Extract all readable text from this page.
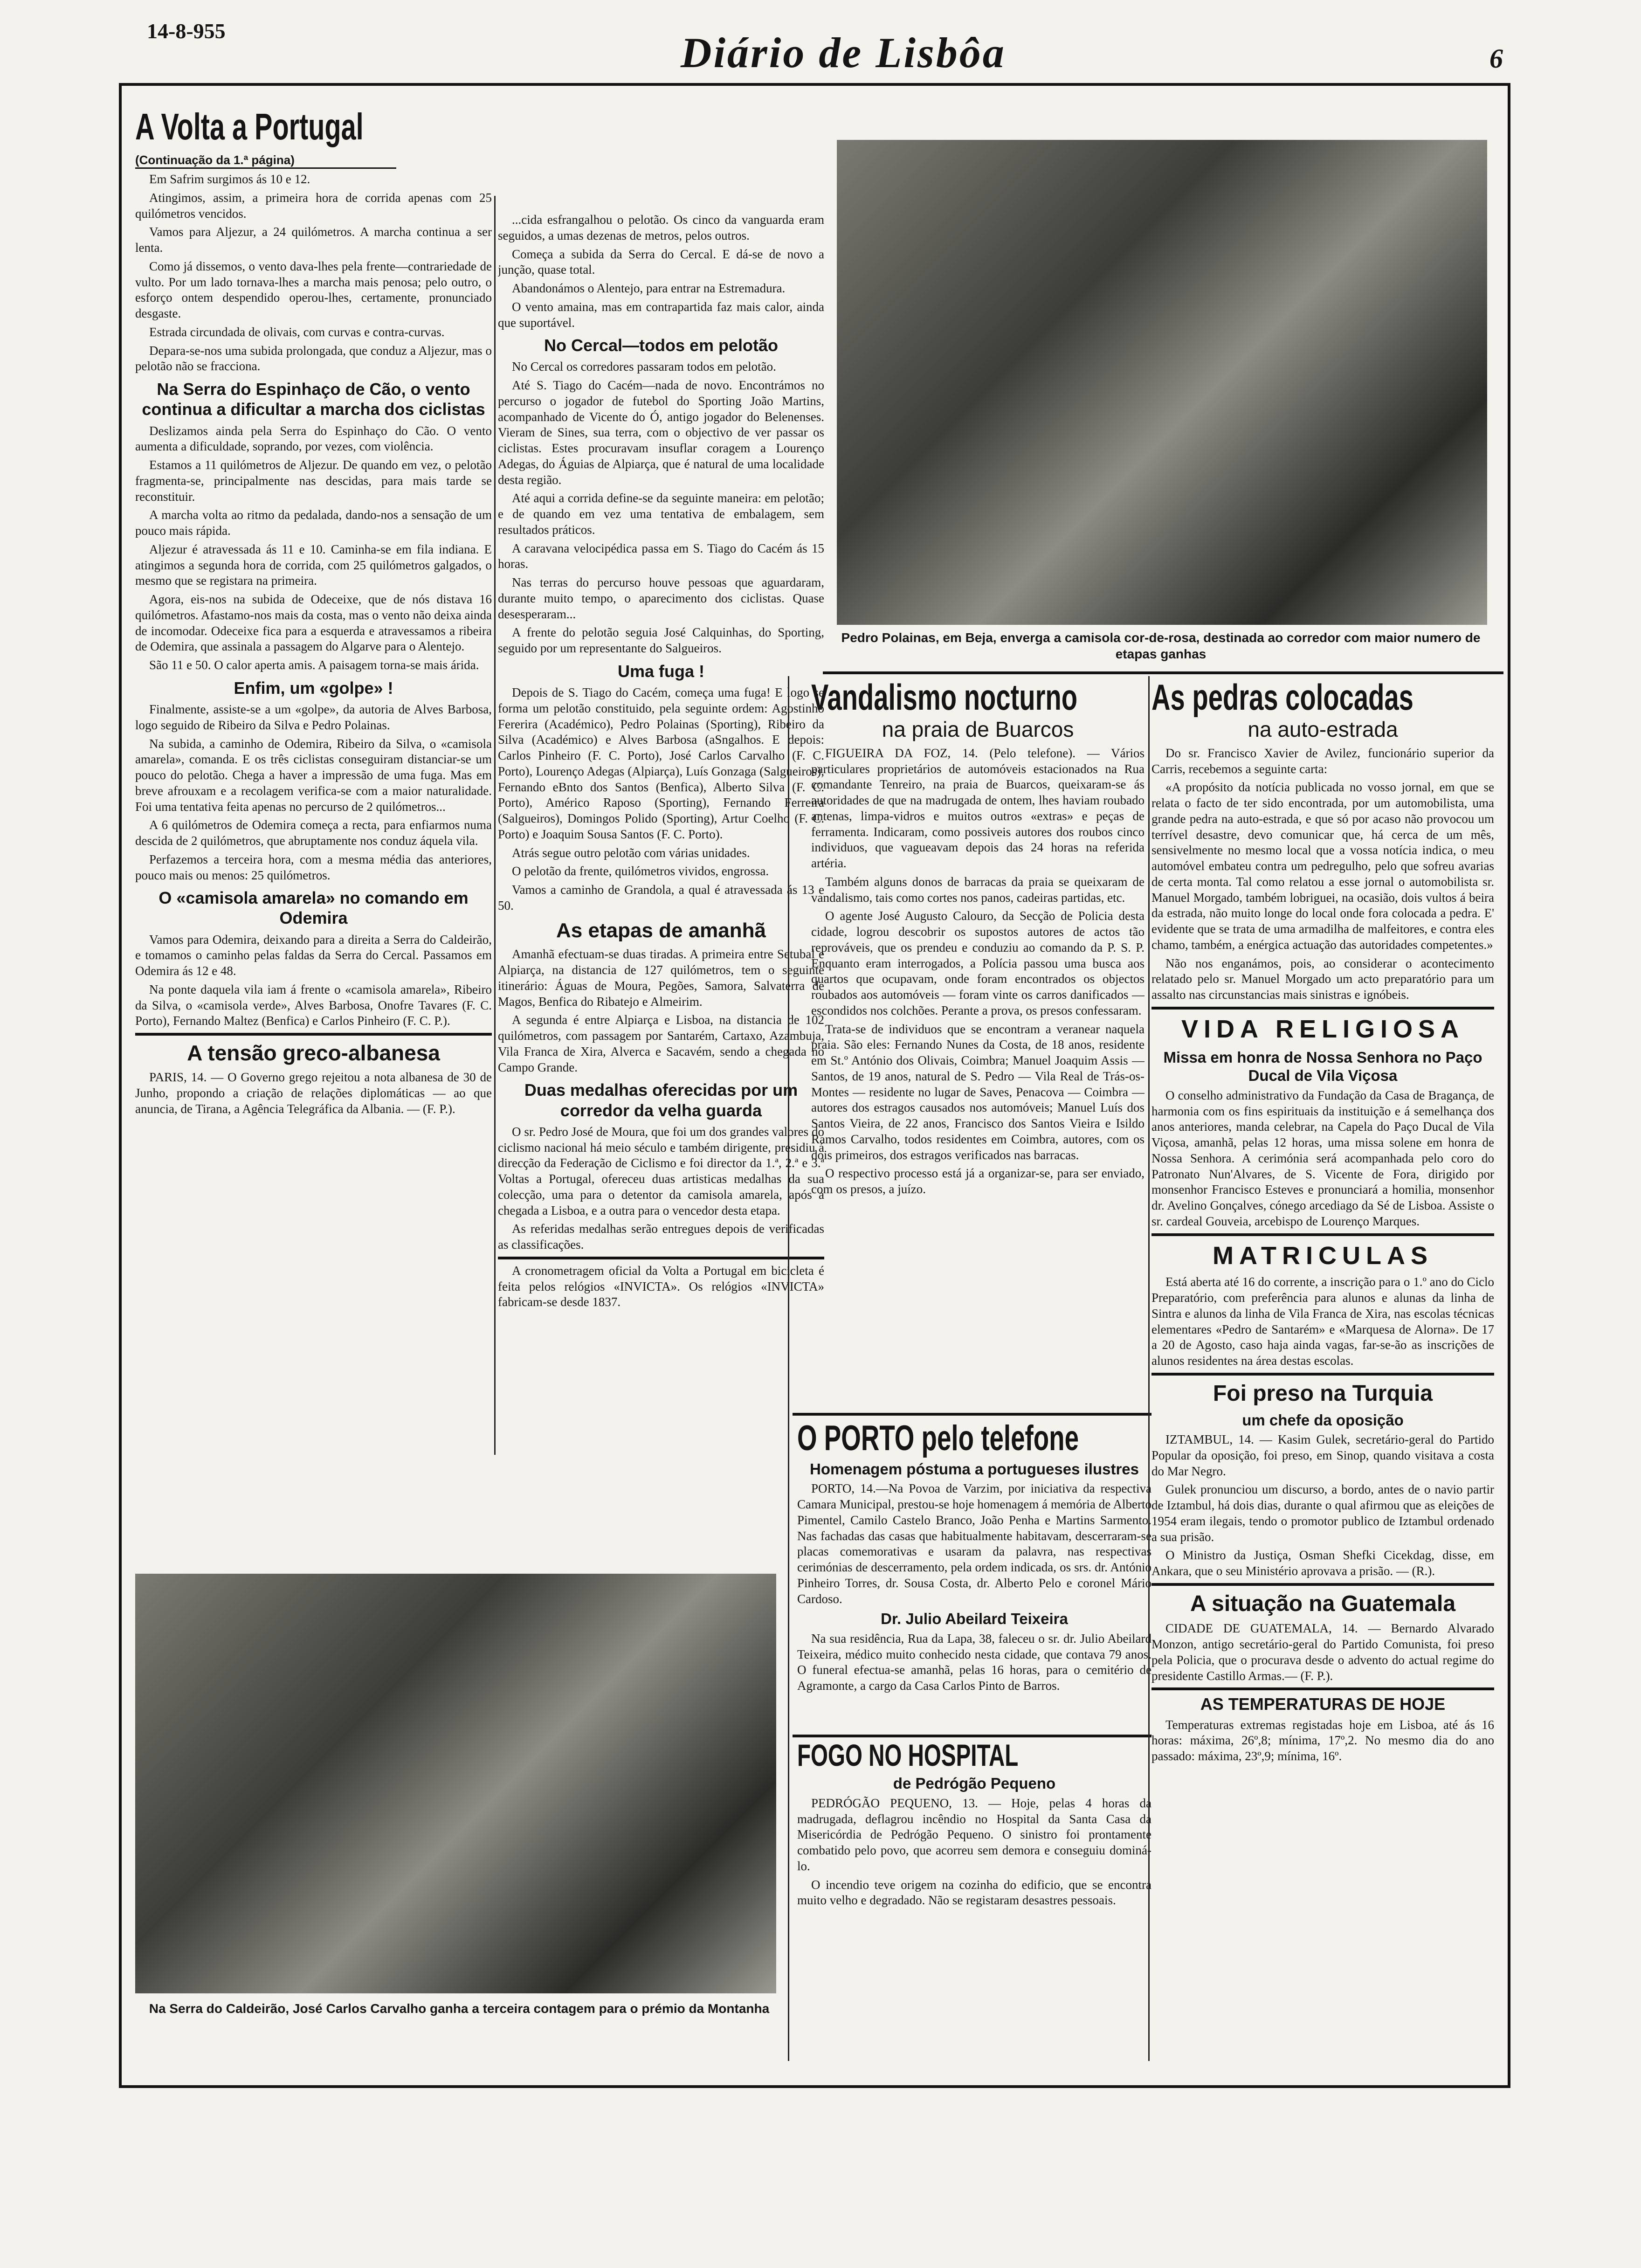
14-8-955	Diário de Lisbôa	6
A Volta a Portugal
(Continuação da 1.ª página)

Em Safrim surgimos ás 10 e 12.

Atingimos, assim, a primeira hora de corrida apenas com 25 quilómetros vencidos.

Vamos para Aljezur, a 24 quilómetros. A marcha continua a ser lenta.

Como já dissemos, o vento dava-lhes pela frente—contrariedade de vulto. Por um lado tornava-lhes a marcha mais penosa; pelo outro, o esforço ontem despendido operou-lhes, certamente, pronunciado desgaste.

Estrada circundada de olivais, com curvas e contra-curvas.

Depara-se-nos uma subida prolongada, que conduz a Aljezur, mas o pelotão não se fracciona.

Na Serra do Espinhaço de Cão, o vento continua a dificultar a marcha dos ciclistas

Deslizamos ainda pela Serra do Espinhaço do Cão. O vento aumenta a dificuldade, soprando, por vezes, com violência.

Estamos a 11 quilómetros de Aljezur. De quando em vez, o pelotão fragmenta-se, principalmente nas descidas, para mais tarde se reconstituir.

A marcha volta ao ritmo da pedalada, dando-nos a sensação de um pouco mais rápida.

Aljezur é atravessada ás 11 e 10. Caminha-se em fila indiana. E atingimos a segunda hora de corrida, com 25 quilómetros galgados, o mesmo que se registara na primeira.

Agora, eis-nos na subida de Odeceixe, que de nós distava 16 quilómetros. Afastamo-nos mais da costa, mas o vento não deixa ainda de incomodar. Odeceixe fica para a esquerda e atravessamos a ribeira de Odemira, que assinala a passagem do Algarve para o Alentejo.

São 11 e 50. O calor aperta amis. A paisagem torna-se mais árida.

Enfim, um «golpe» !

Finalmente, assiste-se a um «golpe», da autoria de Alves Barbosa, logo seguido de Ribeiro da Silva e Pedro Polainas.

Na subida, a caminho de Odemira, Ribeiro da Silva, o «camisola amarela», comanda. E os três ciclistas conseguiram distanciar-se um pouco do pelotão. Chega a haver a impressão de uma fuga. Mas em breve afrouxam e a recolagem verifica-se com a maior naturalidade. Foi uma tentativa feita apenas no percurso de 2 quilómetros...

A 6 quilómetros de Odemira começa a recta, para enfiarmos numa descida de 2 quilómetros, que abruptamente nos conduz áquela vila.

Perfazemos a terceira hora, com a mesma média das anteriores, pouco mais ou menos: 25 quilómetros.

O «camisola amarela» no comando em Odemira

Vamos para Odemira, deixando para a direita a Serra do Caldeirão, e tomamos o caminho pelas faldas da Serra do Cercal. Passamos em Odemira ás 12 e 48.

Na ponte daquela vila iam á frente o «camisola amarela», Ribeiro da Silva, o «camisola verde», Alves Barbosa, Onofre Tavares (F. C. Porto), Fernando Maltez (Benfica) e Carlos Pinheiro (F. C. P.).

A tensão greco-albanesa

PARIS, 14. — O Governo grego rejeitou a nota albanesa de 30 de Junho, propondo a criação de relações diplomáticas — ao que anuncia, de Tirana, a Agência Telegráfica da Albania. — (F. P.).

...cida esfrangalhou o pelotão. Os cinco da vanguarda eram seguidos, a umas dezenas de metros, pelos outros.

Começa a subida da Serra do Cercal. E dá-se de novo a junção, quase total.

Abandonámos o Alentejo, para entrar na Estremadura.

O vento amaina, mas em contrapartida faz mais calor, ainda que suportável.

No Cercal—todos em pelotão

No Cercal os corredores passaram todos em pelotão.

Até S. Tiago do Cacém—nada de novo. Encontrámos no percurso o jogador de futebol do Sporting João Martins, acompanhado de Vicente do Ó, antigo jogador do Belenenses. Vieram de Sines, sua terra, com o objectivo de ver passar os ciclistas. Estes procuravam insuflar coragem a Lourenço Adegas, do Águias de Alpiarça, que é natural de uma localidade desta região.

Até aqui a corrida define-se da seguinte maneira: em pelotão; e de quando em vez uma tentativa de embalagem, sem resultados práticos.

A caravana velocipédica passa em S. Tiago do Cacém ás 15 horas.

Nas terras do percurso houve pessoas que aguardaram, durante muito tempo, o aparecimento dos ciclistas. Quase desesperaram...

A frente do pelotão seguia José Calquinhas, do Sporting, seguido por um representante do Salgueiros.

Uma fuga !

Depois de S. Tiago do Cacém, começa uma fuga! E logo se forma um pelotão constituido, pela seguinte ordem: Agostinho Fererira (Académico), Pedro Polainas (Sporting), Ribeiro da Silva (Académico) e Alves Barbosa (aSngalhos. E depois: Carlos Pinheiro (F. C. Porto), José Carlos Carvalho (F. C. Porto), Lourenço Adegas (Alpiarça), Luís Gonzaga (Salgueiros), Fernando eBnto dos Santos (Benfica), Alberto Silva (F. C. Porto), Américo Raposo (Sporting), Fernando Ferreira (Salgueiros), Domingos Polido (Sporting), Artur Coelho (F. C. Porto) e Joaquim Sousa Santos (F. C. Porto).

Atrás segue outro pelotão com várias unidades.

O pelotão da frente, quilómetros vividos, engrossa.

Vamos a caminho de Grandola, a qual é atravessada ás 13 e 50.

As etapas de amanhã

Amanhã efectuam-se duas tiradas. A primeira entre Setubal e Alpiarça, na distancia de 127 quilómetros, tem o seguinte itinerário: Águas de Moura, Pegões, Samora, Salvaterra de Magos, Benfica do Ribatejo e Almeirim.

A segunda é entre Alpiarça e Lisboa, na distancia de 102 quilómetros, com passagem por Santarém, Cartaxo, Azambuja, Vila Franca de Xira, Alverca e Sacavém, sendo a chegada no Campo Grande.

Duas medalhas oferecidas por um corredor da velha guarda

O sr. Pedro José de Moura, que foi um dos grandes valores do ciclismo nacional há meio século e também dirigente, presidiu á direcção da Federação de Ciclismo e foi director da 1.ª, 2.ª e 3.ª Voltas a Portugal, ofereceu duas artisticas medalhas da sua colecção, uma para o detentor da camisola amarela, após a chegada a Lisboa, e a outra para o vencedor desta etapa.

As referidas medalhas serão entregues depois de verificadas as classificações.

A cronometragem oficial da Volta a Portugal em bicicleta é feita pelos relógios «INVICTA». Os relógios «INVICTA» fabricam-se desde 1837.

Pedro Polainas, em Beja, enverga a camisola cor-de-rosa, destinada ao corredor com maior numero de etapas ganhas
Na Serra do Caldeirão, José Carlos Carvalho ganha a terceira contagem para o prémio da Montanha
Vandalismo nocturno
na praia de Buarcos

FIGUEIRA DA FOZ, 14. (Pelo telefone). — Vários particulares proprietários de automóveis estacionados na Rua comandante Tenreiro, na praia de Buarcos, queixaram-se ás autoridades de que na madrugada de ontem, lhes haviam roubado antenas, limpa-vidros e muitos outros «extras» e peças de ferramenta. Indicaram, como possiveis autores dos roubos cinco individuos, que vagueavam depois das 24 horas na referida artéria.

Também alguns donos de barracas da praia se queixaram de vandalismo, tais como cortes nos panos, cadeiras partidas, etc.

O agente José Augusto Calouro, da Secção de Policia desta cidade, logrou descobrir os supostos autores de actos tão reprováveis, que os prendeu e conduziu ao comando da P. S. P. Enquanto eram interrogados, a Polícia passou uma busca aos quartos que ocupavam, onde foram encontrados os objectos roubados aos automóveis — foram vinte os carros danificados — escondidos nos colchões. Perante a prova, os presos confessaram.

Trata-se de individuos que se encontram a veranear naquela praia. São eles: Fernando Nunes da Costa, de 18 anos, residente em St.º António dos Olivais, Coimbra; Manuel Joaquim Assis — Santos, de 19 anos, natural de S. Pedro — Vila Real de Trás-os-Montes — residente no lugar de Saves, Penacova — Coimbra — autores dos estragos causados nos automóveis; Manuel Luís dos Santos Vieira, de 22 anos, Francisco dos Santos Vieira e Isildo Ramos Carvalho, todos residentes em Coimbra, autores, com os dois primeiros, dos estragos verificados nas barracas.

O respectivo processo está já a organizar-se, para ser enviado, com os presos, a juízo.

O PORTO pelo telefone
Homenagem póstuma a portugueses ilustres

PORTO, 14.—Na Povoa de Varzim, por iniciativa da respectiva Camara Municipal, prestou-se hoje homenagem á memória de Alberto Pimentel, Camilo Castelo Branco, João Penha e Martins Sarmento. Nas fachadas das casas que habitualmente habitavam, descerraram-se placas comemorativas e usaram da palavra, nas respectivas cerimónias de descerramento, pela ordem indicada, os srs. dr. António Pinheiro Torres, dr. Sousa Costa, dr. Alberto Pelo e coronel Mário Cardoso.

Dr. Julio Abeilard Teixeira

Na sua residência, Rua da Lapa, 38, faleceu o sr. dr. Julio Abeilard Teixeira, médico muito conhecido nesta cidade, que contava 79 anos. O funeral efectua-se amanhã, pelas 16 horas, para o cemitério de Agramonte, a cargo da Casa Carlos Pinto de Barros.

FOGO NO HOSPITAL
de Pedrógão Pequeno

PEDRÓGÃO PEQUENO, 13. — Hoje, pelas 4 horas da madrugada, deflagrou incêndio no Hospital da Santa Casa da Misericórdia de Pedrógão Pequeno. O sinistro foi prontamente combatido pelo povo, que acorreu sem demora e conseguiu dominá-lo.

O incendio teve origem na cozinha do edificio, que se encontra muito velho e degradado. Não se registaram desastres pessoais.

As pedras colocadas
na auto-estrada

Do sr. Francisco Xavier de Avilez, funcionário superior da Carris, recebemos a seguinte carta:

«A propósito da notícia publicada no vosso jornal, em que se relata o facto de ter sido encontrada, por um automobilista, uma grande pedra na auto-estrada, e que só por acaso não provocou um terrível desastre, devo comunicar que, há cerca de um mês, sensivelmente no mesmo local que a vossa notícia indica, o meu automóvel embateu contra um pedregulho, pelo que sofreu avarias de certa monta. Tal como relatou a esse jornal o automobilista sr. Manuel Morgado, também lobriguei, na ocasião, dois vultos á beira da estrada, não muito longe do local onde fora colocada a pedra. E' evidente que se trata de uma armadilha de malfeitores, e contra eles chamo, também, a enérgica actuação das autoridades competentes.»

Não nos enganámos, pois, ao considerar o acontecimento relatado pelo sr. Manuel Morgado um acto preparatório para um assalto nas circunstancias mais sinistras e ignóbeis.

VIDA RELIGIOSA
Missa em honra de Nossa Senhora no Paço Ducal de Vila Viçosa

O conselho administrativo da Fundação da Casa de Bragança, de harmonia com os fins espirituais da instituição e á semelhança dos anos anteriores, manda celebrar, na Capela do Paço Ducal de Vila Viçosa, amanhã, pelas 12 horas, uma missa solene em honra de Nossa Senhora. A cerimónia será acompanhada pelo coro do Patronato Nun'Alvares, de S. Vicente de Fora, dirigido por monsenhor Francisco Esteves e pronunciará a homilia, monsenhor dr. Avelino Gonçalves, cónego arcediago da Sé de Lisboa. Assiste o sr. cardeal Gouveia, arcebispo de Lourenço Marques.

MATRICULAS

Está aberta até 16 do corrente, a inscrição para o 1.º ano do Ciclo Preparatório, com preferência para alunos e alunas da linha de Sintra e alunos da linha de Vila Franca de Xira, nas escolas técnicas elementares «Pedro de Santarém» e «Marquesa de Alorna». De 17 a 20 de Agosto, caso haja ainda vagas, far-se-ão as inscrições de alunos residentes na área destas escolas.

Foi preso na Turquia
um chefe da oposição

IZTAMBUL, 14. — Kasim Gulek, secretário-geral do Partido Popular da oposição, foi preso, em Sinop, quando visitava a costa do Mar Negro.

Gulek pronunciou um discurso, a bordo, antes de o navio partir de Iztambul, há dois dias, durante o qual afirmou que as eleições de 1954 eram ilegais, tendo o promotor publico de Iztambul ordenado a sua prisão.

O Ministro da Justiça, Osman Shefki Cicekdag, disse, em Ankara, que o seu Ministério aprovava a prisão. — (R.).

A situação na Guatemala

CIDADE DE GUATEMALA, 14. — Bernardo Alvarado Monzon, antigo secretário-geral do Partido Comunista, foi preso pela Policia, que o procurava desde o advento do actual regime do presidente Castillo Armas.— (F. P.).

AS TEMPERATURAS DE HOJE

Temperaturas extremas registadas hoje em Lisboa, até ás 16 horas: máxima, 26º,8; mínima, 17º,2. No mesmo dia do ano passado: máxima, 23º,9; mínima, 16º.
